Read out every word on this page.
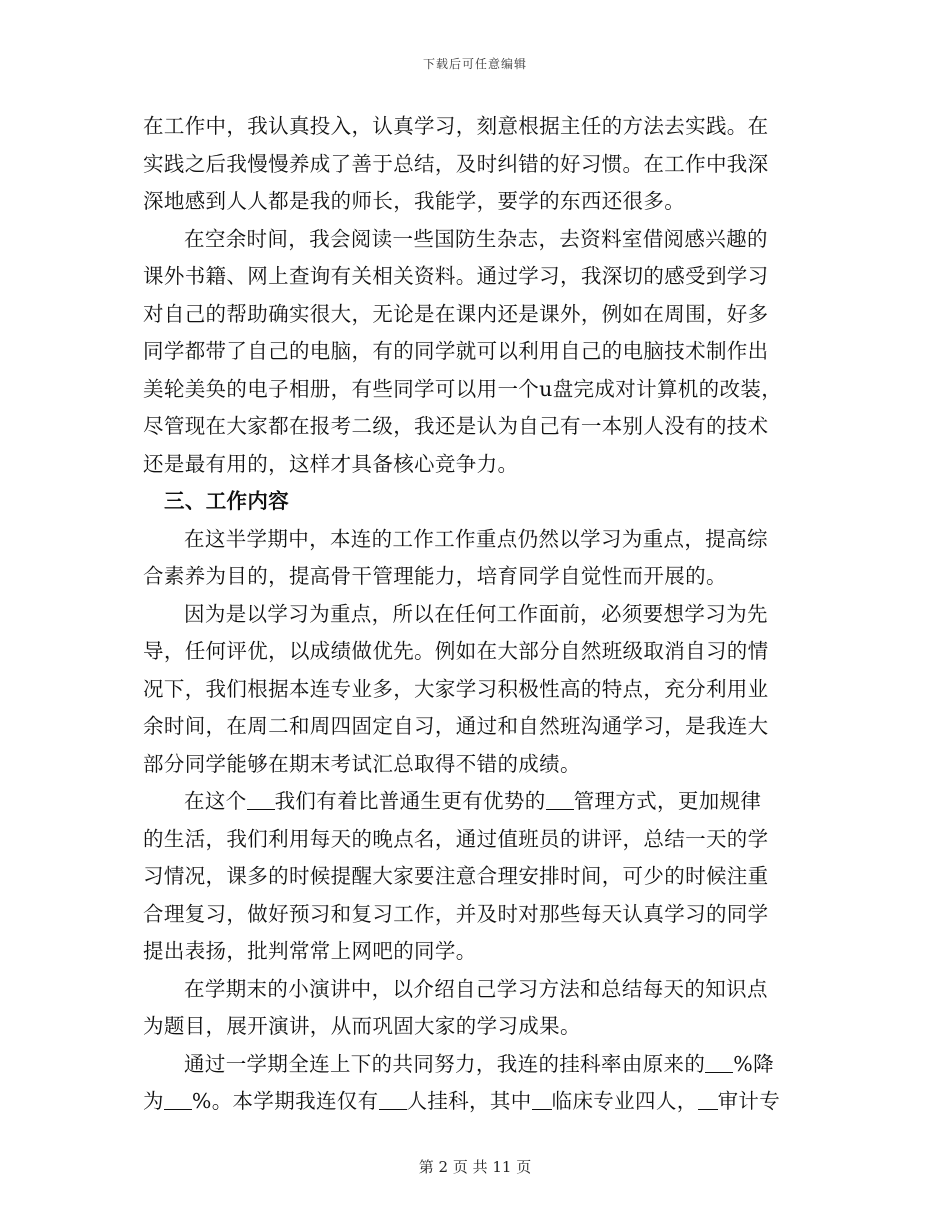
下载后可任意编辑
在工作中，我认真投入，认真学习，刻意根据主任的方法去实践。在
实践之后我慢慢养成了善于总结，及时纠错的好习惯。在工作中我深
深地感到人人都是我的师长，我能学，要学的东西还很多。
在空余时间，我会阅读一些国防生杂志，去资料室借阅感兴趣的
课外书籍、网上查询有关相关资料。通过学习，我深切的感受到学习
对自己的帮助确实很大，无论是在课内还是课外，例如在周围，好多
同学都带了自己的电脑，有的同学就可以利用自己的电脑技术制作出
美轮美奂的电子相册，有些同学可以用一个u盘完成对计算机的改装，
尽管现在大家都在报考二级，我还是认为自己有一本别人没有的技术
还是最有用的，这样才具备核心竞争力。
三、工作内容
在这半学期中，本连的工作工作重点仍然以学习为重点，提高综
合素养为目的，提高骨干管理能力，培育同学自觉性而开展的。
因为是以学习为重点，所以在任何工作面前，必须要想学习为先
导，任何评优，以成绩做优先。例如在大部分自然班级取消自习的情
况下，我们根据本连专业多，大家学习积极性高的特点，充分利用业
余时间，在周二和周四固定自习，通过和自然班沟通学习，是我连大
部分同学能够在期末考试汇总取得不错的成绩。
在这个 我们有着比普通生更有优势的 管理方式，更加规律
的生活，我们利用每天的晚点名，通过值班员的讲评，总结一天的学
习情况，课多的时候提醒大家要注意合理安排时间，可少的时候注重
合理复习，做好预习和复习工作，并及时对那些每天认真学习的同学
提出表扬，批判常常上网吧的同学。
在学期末的小演讲中，以介绍自己学习方法和总结每天的知识点
为题目，展开演讲，从而巩固大家的学习成果。
通过一学期全连上下的共同努力，我连的挂科率由原来的 %降
为 %。本学期我连仅有 人挂科，其中 临床专业四人， 审计专
第 2 页 共 11 页
